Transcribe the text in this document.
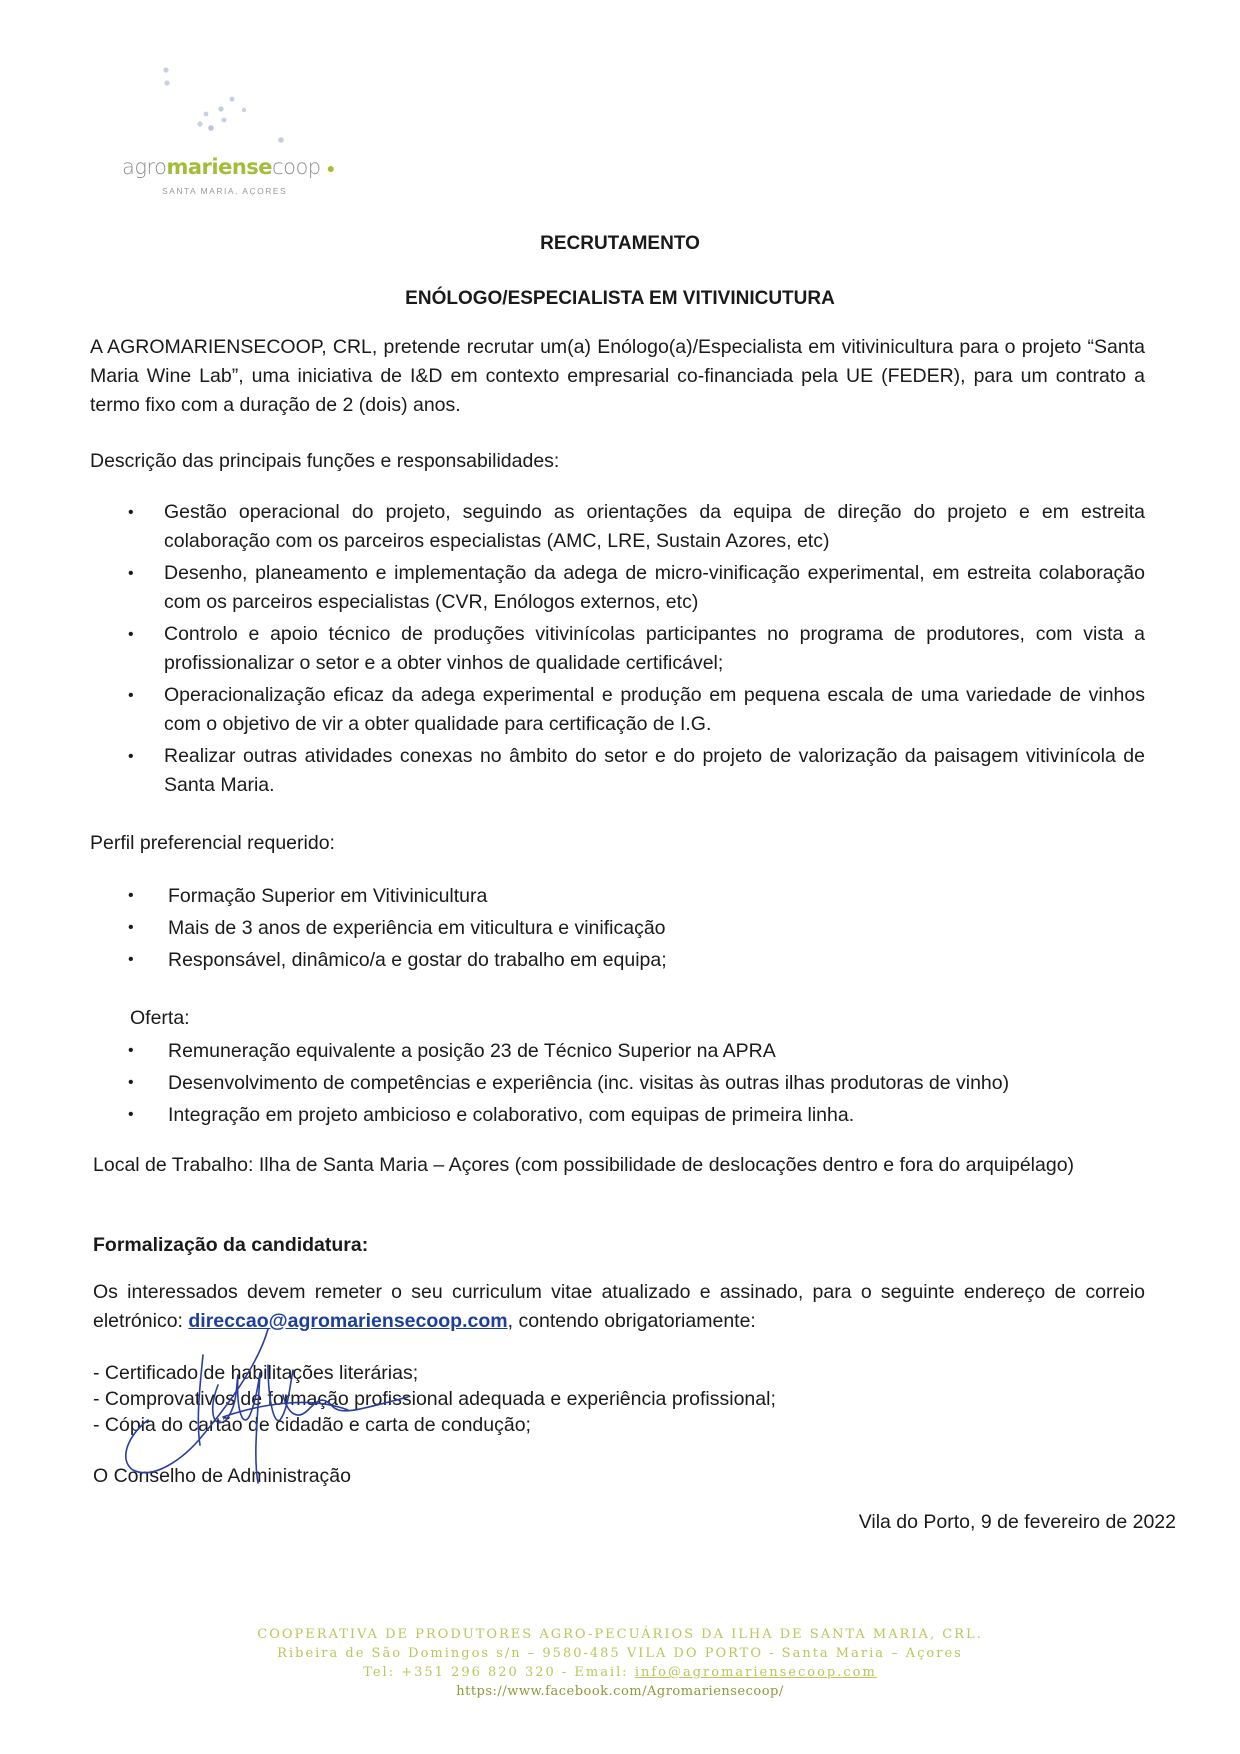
agromariensecoop ●
SANTA MARIA, AÇORES
RECRUTAMENTO
ENÓLOGO/ESPECIALISTA EM VITIVINICUTURA

A AGROMARIENSECOOP, CRL, pretende recrutar um(a) Enólogo(a)/Especialista em vitivinicultura para o projeto “Santa Maria Wine Lab”, uma iniciativa de I&D em contexto empresarial co-financiada pela UE (FEDER), para um contrato a termo fixo com a duração de 2 (dois) anos.

Descrição das principais funções e responsabilidades:

• Gestão operacional do projeto, seguindo as orientações da equipa de direção do projeto e em estreita colaboração com os parceiros especialistas (AMC, LRE, Sustain Azores, etc)
• Desenho, planeamento e implementação da adega de micro-vinificação experimental, em estreita colaboração com os parceiros especialistas (CVR, Enólogos externos, etc)
• Controlo e apoio técnico de produções vitivinícolas participantes no programa de produtores, com vista a profissionalizar o setor e a obter vinhos de qualidade certificável;
• Operacionalização eficaz da adega experimental e produção em pequena escala de uma variedade de vinhos com o objetivo de vir a obter qualidade para certificação de I.G.
• Realizar outras atividades conexas no âmbito do setor e do projeto de valorização da paisagem vitivinícola de Santa Maria.

Perfil preferencial requerido:

• Formação Superior em Vitivinicultura
• Mais de 3 anos de experiência em viticultura e vinificação
• Responsável, dinâmico/a e gostar do trabalho em equipa;

Oferta:

• Remuneração equivalente a posição 23 de Técnico Superior na APRA
• Desenvolvimento de competências e experiência (inc. visitas às outras ilhas produtoras de vinho)
• Integração em projeto ambicioso e colaborativo, com equipas de primeira linha.

Local de Trabalho: Ilha de Santa Maria – Açores (com possibilidade de deslocações dentro e fora do arquipélago)

Formalização da candidatura:

Os interessados devem remeter o seu curriculum vitae atualizado e assinado, para o seguinte endereço de correio eletrónico: direccao@agromariensecoop.com, contendo obrigatoriamente:

- Certificado de habilitações literárias;
- Comprovativos de formação profissional adequada e experiência profissional;
- Cópia do cartão de cidadão e carta de condução;
O Conselho de Administração
Vila do Porto, 9 de fevereiro de 2022
COOPERATIVA DE PRODUTORES AGRO-PECUÁRIOS DA ILHA DE SANTA MARIA, CRL.
Ribeira de São Domingos s/n – 9580-485 VILA DO PORTO - Santa Maria – Açores
Tel: +351 296 820 320 - Email: info@agromariensecoop.com
https://www.facebook.com/Agromariensecoop/
